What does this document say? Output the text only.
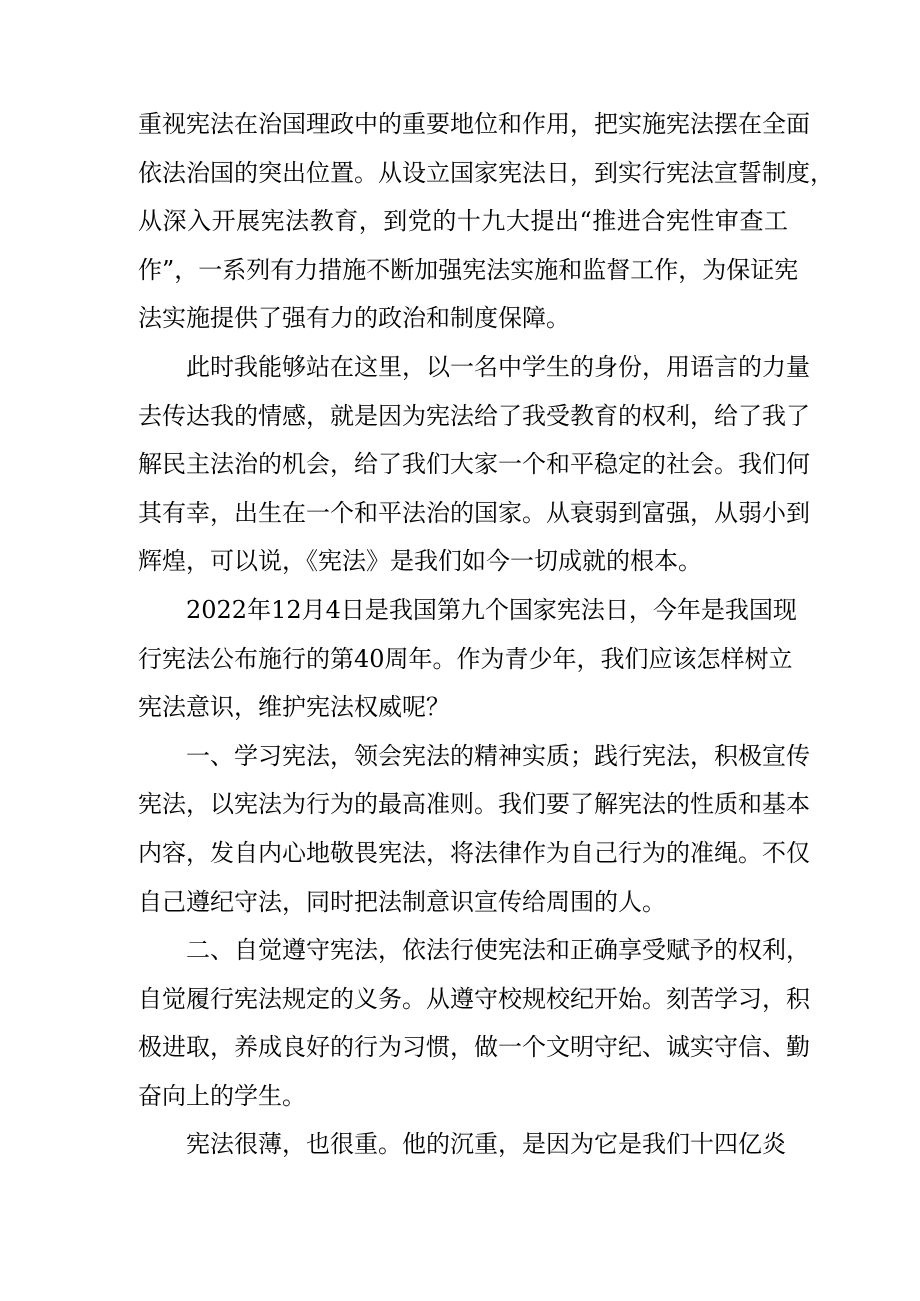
重视宪法在治国理政中的重要地位和作用，把实施宪法摆在全面
依法治国的突出位置。从设立国家宪法日，到实行宪法宣誓制度，
从深入开展宪法教育，到党的十九大提出“推进合宪性审查工
作”，一系列有力措施不断加强宪法实施和监督工作，为保证宪
法实施提供了强有力的政治和制度保障。
此时我能够站在这里，以一名中学生的身份，用语言的力量
去传达我的情感，就是因为宪法给了我受教育的权利，给了我了
解民主法治的机会，给了我们大家一个和平稳定的社会。我们何
其有幸，出生在一个和平法治的国家。从衰弱到富强，从弱小到
辉煌，可以说，《宪法》是我们如今一切成就的根本。
2022年12月4日是我国第九个国家宪法日，今年是我国现
行宪法公布施行的第40周年。作为青少年，我们应该怎样树立
宪法意识，维护宪法权威呢？
一、学习宪法，领会宪法的精神实质；践行宪法，积极宣传
宪法，以宪法为行为的最高准则。我们要了解宪法的性质和基本
内容，发自内心地敬畏宪法，将法律作为自己行为的准绳。不仅
自己遵纪守法，同时把法制意识宣传给周围的人。
二、自觉遵守宪法，依法行使宪法和正确享受赋予的权利，
自觉履行宪法规定的义务。从遵守校规校纪开始。刻苦学习，积
极进取，养成良好的行为习惯，做一个文明守纪、诚实守信、勤
奋向上的学生。
宪法很薄，也很重。他的沉重，是因为它是我们十四亿炎
